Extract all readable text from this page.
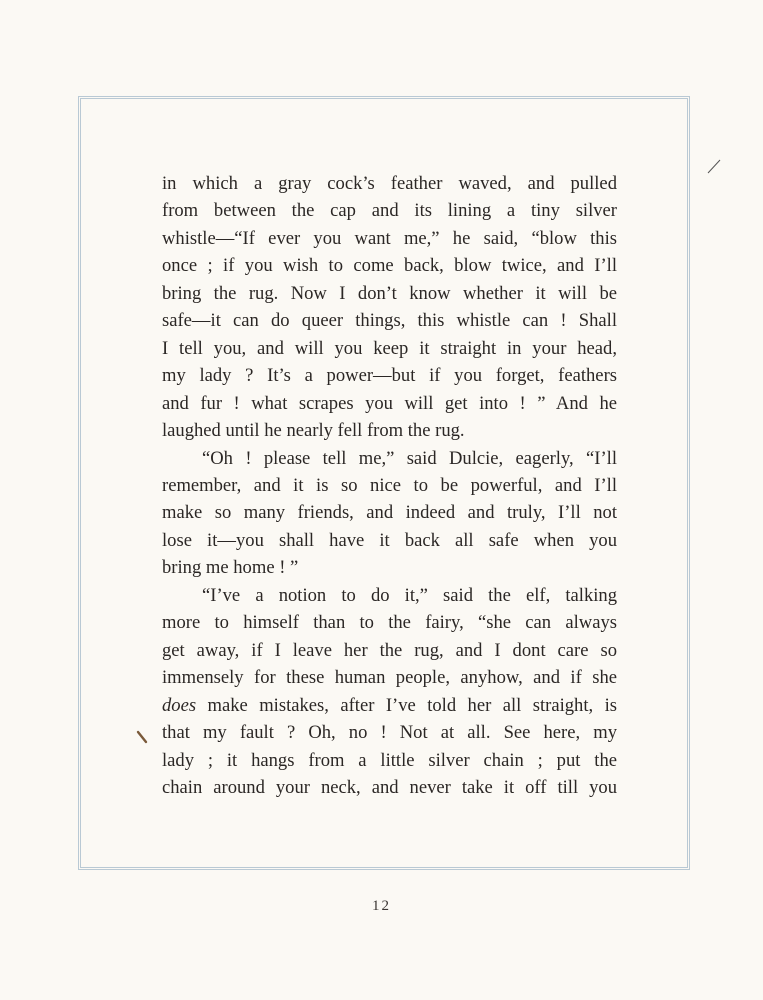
in which a gray cock’s feather waved, and pulled

from between the cap and its lining a tiny silver

whistle—“If ever you want me,” he said, “blow this

once ; if you wish to come back, blow twice, and I’ll

bring the rug. Now I don’t know whether it will be

safe—it can do queer things, this whistle can ! Shall

I tell you, and will you keep it straight in your head,

my lady ? It’s a power—but if you forget, feathers

and fur ! what scrapes you will get into ! ” And he

laughed until he nearly fell from the rug.

“Oh ! please tell me,” said Dulcie, eagerly, “I’ll

remember, and it is so nice to be powerful, and I’ll

make so many friends, and indeed and truly, I’ll not

lose it—you shall have it back all safe when you

bring me home ! ”

“I’ve a notion to do it,” said the elf, talking

more to himself than to the fairy, “she can always

get away, if I leave her the rug, and I dont care so

immensely for these human people, anyhow, and if she

does make mistakes, after I’ve told her all straight, is

that my fault ? Oh, no ! Not at all. See here, my

lady ; it hangs from a little silver chain ; put the

chain around your neck, and never take it off till you

12
